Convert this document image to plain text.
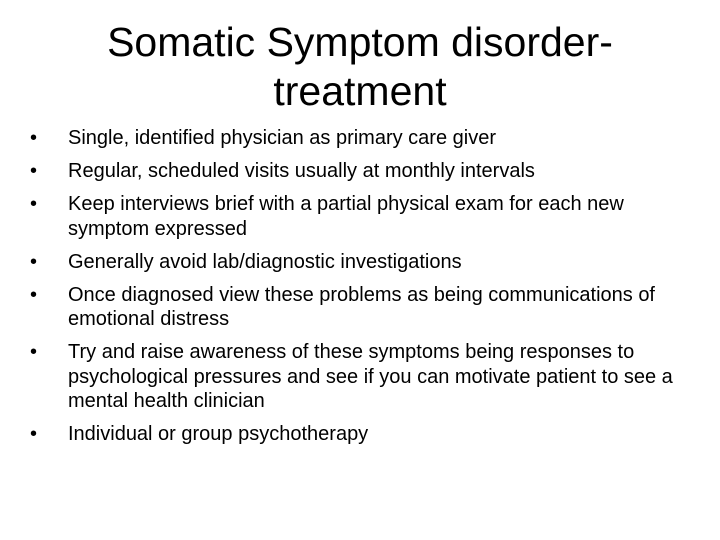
Somatic Symptom disorder-treatment
•	Single, identified physician as primary care giver
•	Regular, scheduled visits usually at monthly intervals
•	Keep interviews brief with a partial physical exam for each new symptom expressed
•	Generally avoid lab/diagnostic investigations
•	Once diagnosed view these problems as being communications of emotional distress
•	Try and raise awareness of these symptoms being responses to psychological pressures and see if you can motivate patient to see a mental health clinician
•	Individual or group psychotherapy
